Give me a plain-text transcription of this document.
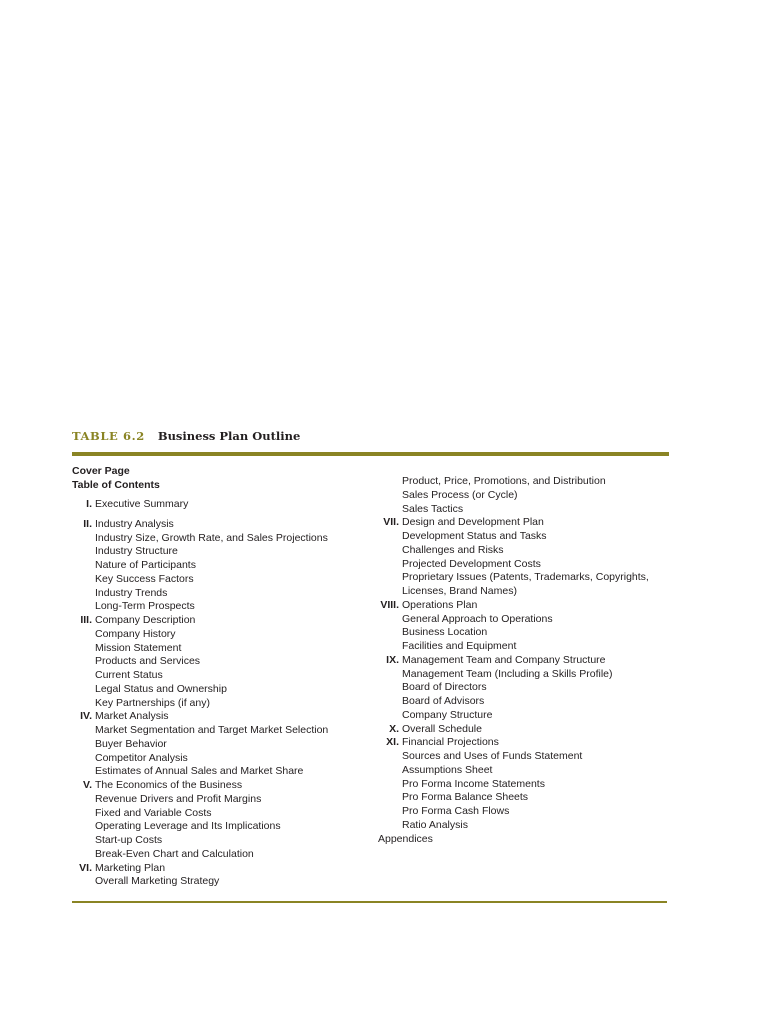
TABLE 6.2 Business Plan Outline
Cover Page
Table of Contents
I. Executive Summary
II. Industry Analysis
Industry Size, Growth Rate, and Sales Projections
Industry Structure
Nature of Participants
Key Success Factors
Industry Trends
Long-Term Prospects
III. Company Description
Company History
Mission Statement
Products and Services
Current Status
Legal Status and Ownership
Key Partnerships (if any)
IV. Market Analysis
Market Segmentation and Target Market Selection
Buyer Behavior
Competitor Analysis
Estimates of Annual Sales and Market Share
V. The Economics of the Business
Revenue Drivers and Profit Margins
Fixed and Variable Costs
Operating Leverage and Its Implications
Start-up Costs
Break-Even Chart and Calculation
VI. Marketing Plan
Overall Marketing Strategy
Product, Price, Promotions, and Distribution
Sales Process (or Cycle)
Sales Tactics
VII. Design and Development Plan
Development Status and Tasks
Challenges and Risks
Projected Development Costs
Proprietary Issues (Patents, Trademarks, Copyrights,
Licenses, Brand Names)
VIII. Operations Plan
General Approach to Operations
Business Location
Facilities and Equipment
IX. Management Team and Company Structure
Management Team (Including a Skills Profile)
Board of Directors
Board of Advisors
Company Structure
X. Overall Schedule
XI. Financial Projections
Sources and Uses of Funds Statement
Assumptions Sheet
Pro Forma Income Statements
Pro Forma Balance Sheets
Pro Forma Cash Flows
Ratio Analysis
Appendices
